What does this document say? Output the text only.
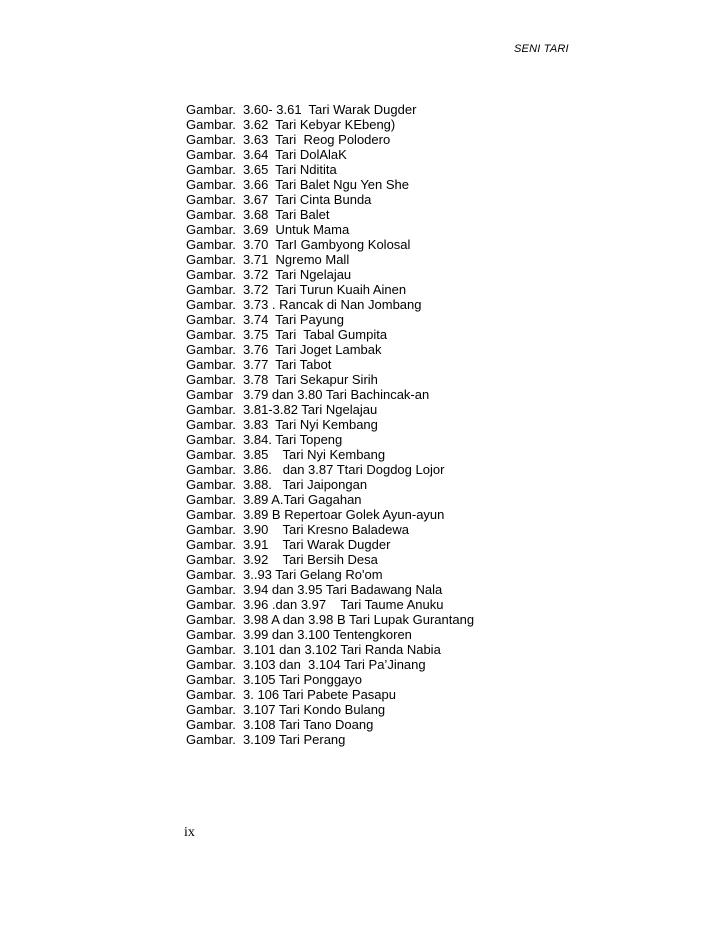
SENI TARI
Gambar. 3.60- 3.61  Tari Warak Dugder
Gambar. 3.62  Tari Kebyar KEbeng)
Gambar. 3.63  Tari  Reog Polodero
Gambar. 3.64  Tari DolAlaK
Gambar. 3.65  Tari Nditita
Gambar. 3.66  Tari Balet Ngu Yen She
Gambar. 3.67  Tari Cinta Bunda
Gambar. 3.68  Tari Balet
Gambar. 3.69  Untuk Mama
Gambar. 3.70  TarI Gambyong Kolosal
Gambar. 3.71  Ngremo Mall
Gambar. 3.72  Tari Ngelajau
Gambar. 3.72  Tari Turun Kuaih Ainen
Gambar. 3.73 . Rancak di Nan Jombang
Gambar. 3.74  Tari Payung
Gambar. 3.75  Tari  Tabal Gumpita
Gambar. 3.76  Tari Joget Lambak
Gambar. 3.77  Tari Tabot
Gambar. 3.78  Tari Sekapur Sirih
Gambar 3.79 dan 3.80 Tari Bachincak-an
Gambar. 3.81-3.82 Tari Ngelajau
Gambar. 3.83  Tari Nyi Kembang
Gambar. 3.84. Tari Topeng
Gambar. 3.85    Tari Nyi Kembang
Gambar. 3.86.   dan 3.87 Ttari Dogdog Lojor
Gambar. 3.88.   Tari Jaipongan
Gambar. 3.89 A.Tari Gagahan
Gambar. 3.89 B Repertoar Golek Ayun-ayun
Gambar. 3.90    Tari Kresno Baladewa
Gambar. 3.91    Tari Warak Dugder
Gambar. 3.92    Tari Bersih Desa
Gambar. 3..93 Tari Gelang Ro'om
Gambar. 3.94 dan 3.95 Tari Badawang Nala
Gambar. 3.96 .dan 3.97    Tari Taume Anuku
Gambar. 3.98 A dan 3.98 B Tari Lupak Gurantang
Gambar. 3.99 dan 3.100 Tentengkoren
Gambar. 3.101 dan 3.102 Tari Randa Nabia
Gambar. 3.103 dan  3.104 Tari Pa’Jinang
Gambar. 3.105 Tari Ponggayo
Gambar. 3. 106 Tari Pabete Pasapu
Gambar. 3.107 Tari Kondo Bulang
Gambar. 3.108 Tari Tano Doang
Gambar. 3.109 Tari Perang
ix
